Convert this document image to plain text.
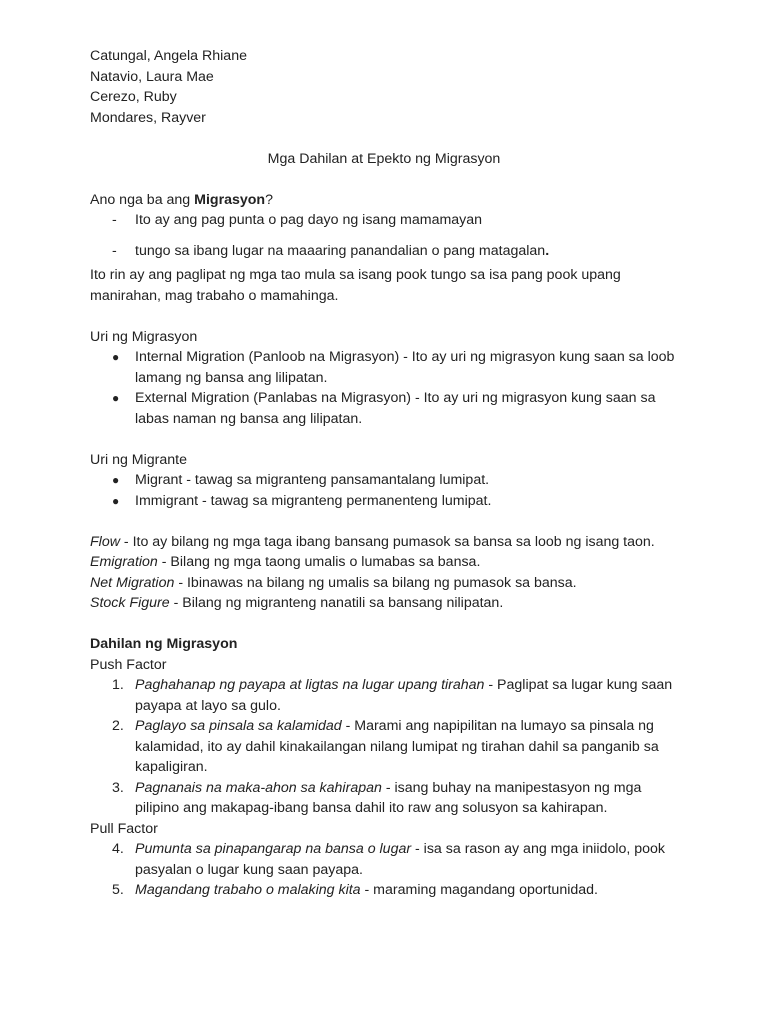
Catungal, Angela Rhiane
Natavio, Laura Mae
Cerezo, Ruby
Mondares, Rayver
Mga Dahilan at Epekto ng Migrasyon
Ano nga ba ang Migrasyon?
- Ito ay ang pag punta o pag dayo ng isang mamamayan
- tungo sa ibang lugar na maaaring panandalian o pang matagalan.
Ito rin ay ang paglipat ng mga tao mula sa isang pook tungo sa isa pang pook upang manirahan, mag trabaho o mamahinga.
Uri ng Migrasyon
● Internal Migration (Panloob na Migrasyon) - Ito ay uri ng migrasyon kung saan sa loob lamang ng bansa ang lilipatan.
● External Migration (Panlabas na Migrasyon) - Ito ay uri ng migrasyon kung saan sa labas naman ng bansa ang lilipatan.
Uri ng Migrante
● Migrant - tawag sa migranteng pansamantalang lumipat.
● Immigrant - tawag sa migranteng permanenteng lumipat.
Flow - Ito ay bilang ng mga taga ibang bansang pumasok sa bansa sa loob ng isang taon.
Emigration - Bilang ng mga taong umalis o lumabas sa bansa.
Net Migration - Ibinawas na bilang ng umalis sa bilang ng pumasok sa bansa.
Stock Figure - Bilang ng migranteng nanatili sa bansang nilipatan.
Dahilan ng Migrasyon
Push Factor
1. Paghahanap ng payapa at ligtas na lugar upang tirahan - Paglipat sa lugar kung saan payapa at layo sa gulo.
2. Paglayo sa pinsala sa kalamidad - Marami ang napipilitan na lumayo sa pinsala ng kalamidad, ito ay dahil kinakailangan nilang lumipat ng tirahan dahil sa panganib sa kapaligiran.
3. Pagnanais na maka-ahon sa kahirapan - isang buhay na manipestasyon ng mga pilipino ang makapag-ibang bansa dahil ito raw ang solusyon sa kahirapan.
Pull Factor
4. Pumunta sa pinapangarap na bansa o lugar - isa sa rason ay ang mga iniidolo, pook pasyalan o lugar kung saan payapa.
5. Magandang trabaho o malaking kita - maraming magandang oportunidad.
